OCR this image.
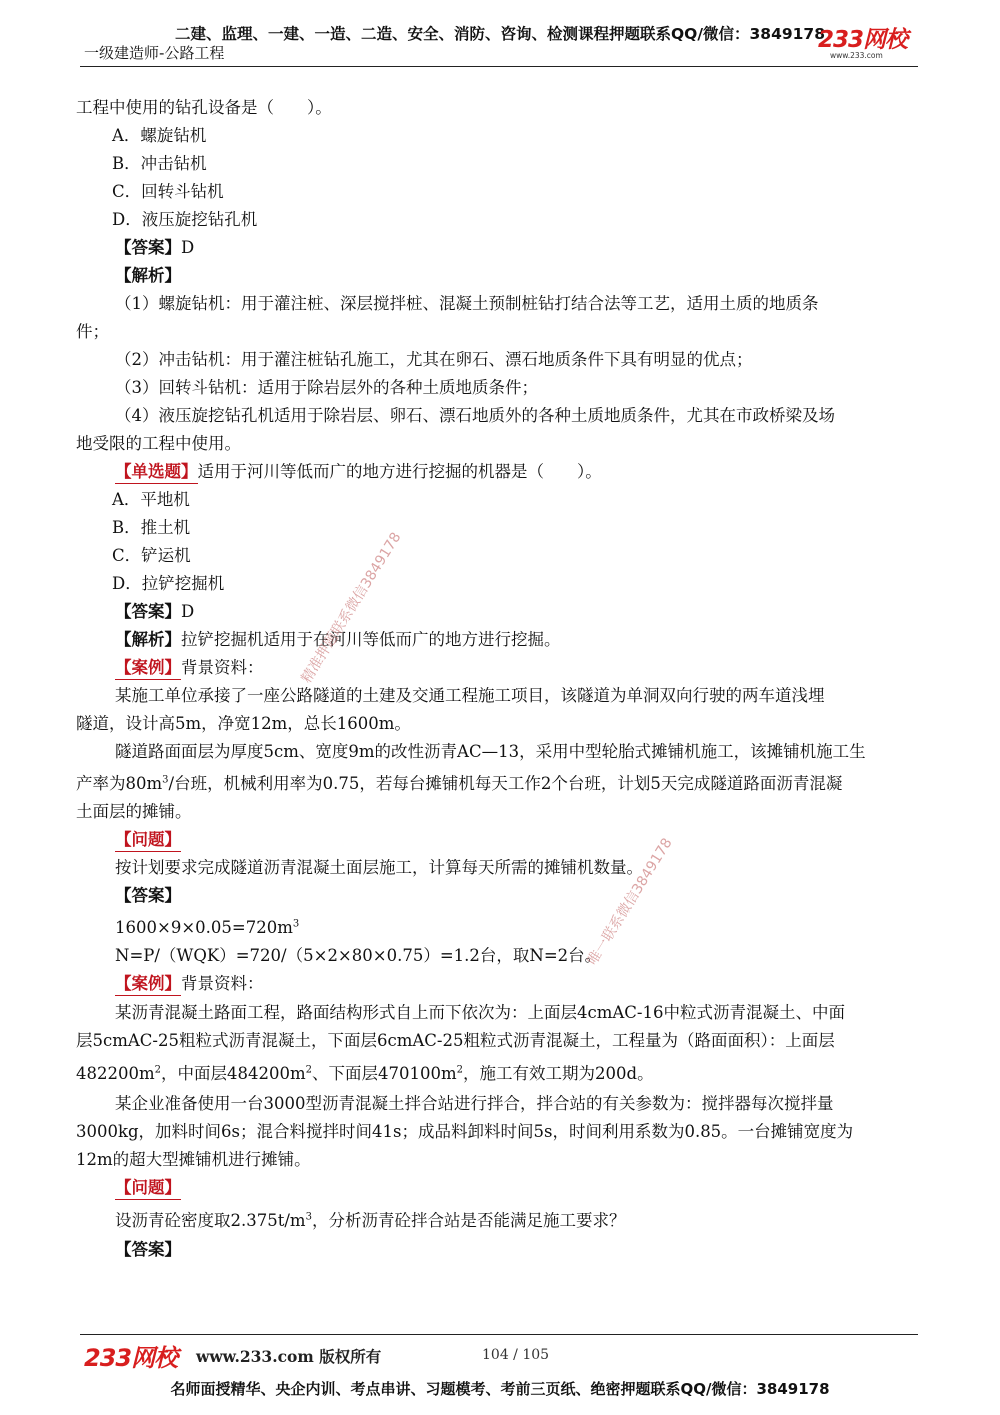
二建、监理、一建、一造、二造、安全、消防、咨询、检测课程押题联系QQ/微信：3849178
一级建造师-公路工程	233网校
www.233.com
工程中使用的钻孔设备是（　　）。
A．螺旋钻机
B．冲击钻机
C．回转斗钻机
D．液压旋挖钻孔机
【答案】D
【解析】
（1）螺旋钻机：用于灌注桩、深层搅拌桩、混凝土预制桩钻打结合法等工艺，适用土质的地质条
件；
（2）冲击钻机：用于灌注桩钻孔施工，尤其在卵石、漂石地质条件下具有明显的优点；
（3）回转斗钻机：适用于除岩层外的各种土质地质条件；
（4）液压旋挖钻孔机适用于除岩层、卵石、漂石地质外的各种土质地质条件，尤其在市政桥梁及场
地受限的工程中使用。
【单选题】适用于河川等低而广的地方进行挖掘的机器是（　　）。
A．平地机
B．推土机
C．铲运机
D．拉铲挖掘机
【答案】D
【解析】拉铲挖掘机适用于在河川等低而广的地方进行挖掘。
【案例】背景资料：
某施工单位承接了一座公路隧道的土建及交通工程施工项目，该隧道为单洞双向行驶的两车道浅埋
隧道，设计高5m，净宽12m，总长1600m。
隧道路面面层为厚度5cm、宽度9m的改性沥青AC—13，采用中型轮胎式摊铺机施工，该摊铺机施工生
产率为$80m^3/$台班，机械利用率为0.75，若每台摊铺机每天工作2个台班，计划5天完成隧道路面沥青混凝
土面层的摊铺。
【问题】
按计划要求完成隧道沥青混凝土面层施工，计算每天所需的摊铺机数量。
【答案】
$1600\times 9\times 0.05=720m^3$
N=P/（WQK）=720/（5×2×80×0.75）=1.2台，取N=2台。
【案例】背景资料：
某沥青混凝土路面工程，路面结构形式自上而下依次为：上面层4cmAC-16中粒式沥青混凝土、中面
层5cmAC-25粗粒式沥青混凝土，下面层6cmAC-25粗粒式沥青混凝土，工程量为（路面面积）：上面层
$482200m^2$，中面层$484200m^2$、下面层$470100m^2$，施工有效工期为200d。
某企业准备使用一台3000型沥青混凝土拌合站进行拌合，拌合站的有关参数为：搅拌器每次搅拌量
3000kg，加料时间6s；混合料搅拌时间41s；成品料卸料时间5s，时间利用系数为0.85。一台摊铺宽度为
12m的超大型摊铺机进行摊铺。
【问题】
设沥青砼密度取$2.375t/m^3$，分析沥青砼拌合站是否能满足施工要求？
【答案】
精准押题联系微信3849178
唯一联系微信3849178
233网校 www.233.com 版权所有	104 / 105
名师面授精华、央企内训、考点串讲、习题模考、考前三页纸、绝密押题联系QQ/微信：3849178
